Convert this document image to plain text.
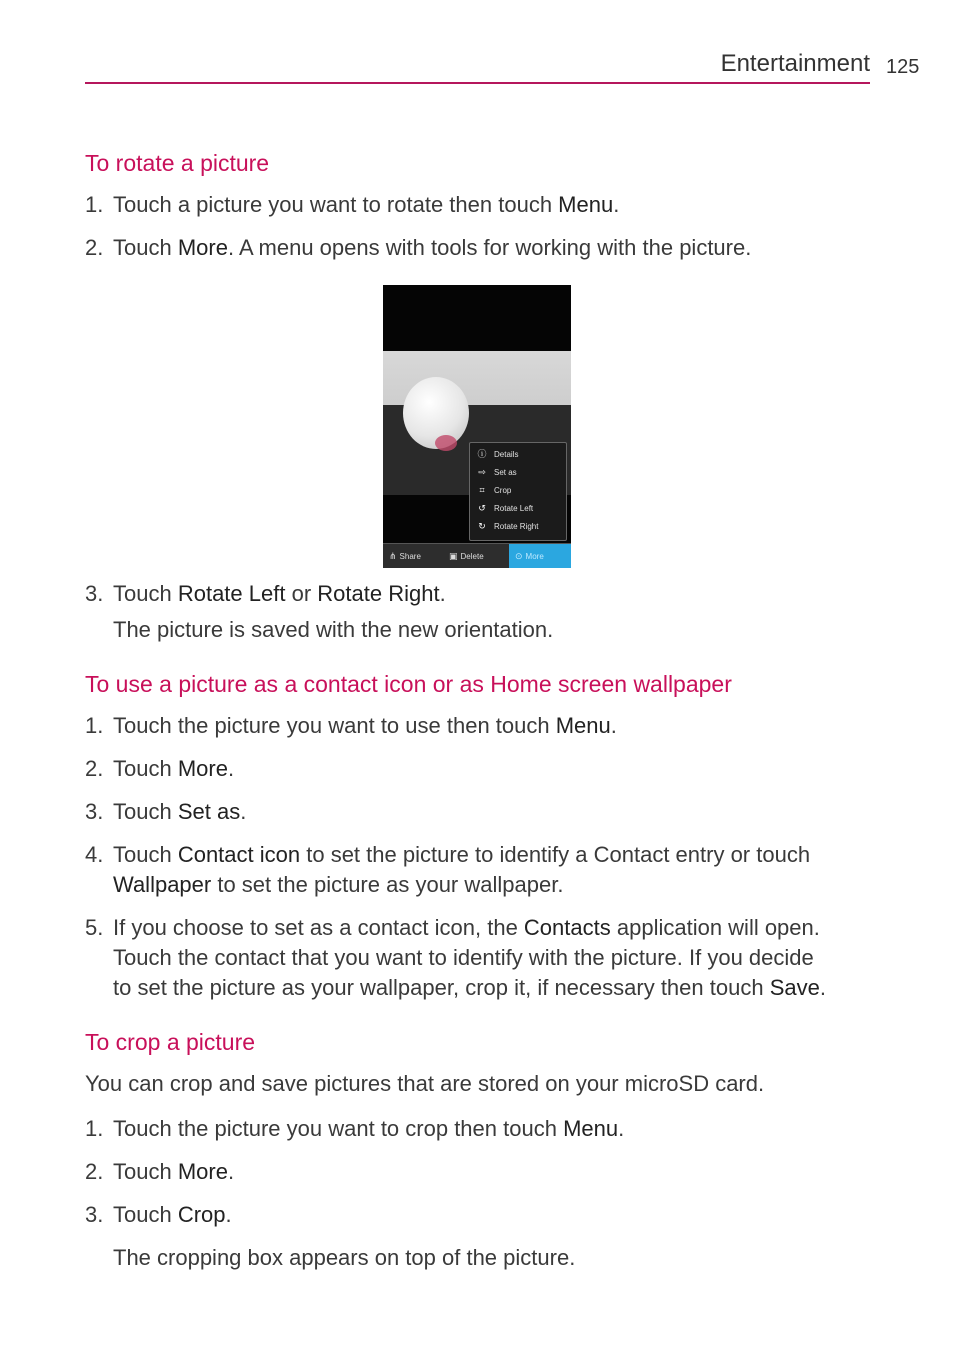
Entertainment 125
To rotate a picture
1. Touch a picture you want to rotate then touch Menu.
2. Touch More. A menu opens with tools for working with the picture.
ⓘ Details
⇨ Set as
⌗ Crop
↺ Rotate Left
↻ Rotate Right
⋔ Share	▣ Delete	⊙ More
3. Touch Rotate Left or Rotate Right.
The picture is saved with the new orientation.
To use a picture as a contact icon or as Home screen wallpaper
1. Touch the picture you want to use then touch Menu.
2. Touch More.
3. Touch Set as.
4. Touch Contact icon to set the picture to identify a Contact entry or touch
Wallpaper to set the picture as your wallpaper.
5. If you choose to set as a contact icon, the Contacts application will open.
Touch the contact that you want to identify with the picture. If you decide
to set the picture as your wallpaper, crop it, if necessary then touch Save.
To crop a picture
You can crop and save pictures that are stored on your microSD card.
1. Touch the picture you want to crop then touch Menu.
2. Touch More.
3. Touch Crop.
The cropping box appears on top of the picture.
